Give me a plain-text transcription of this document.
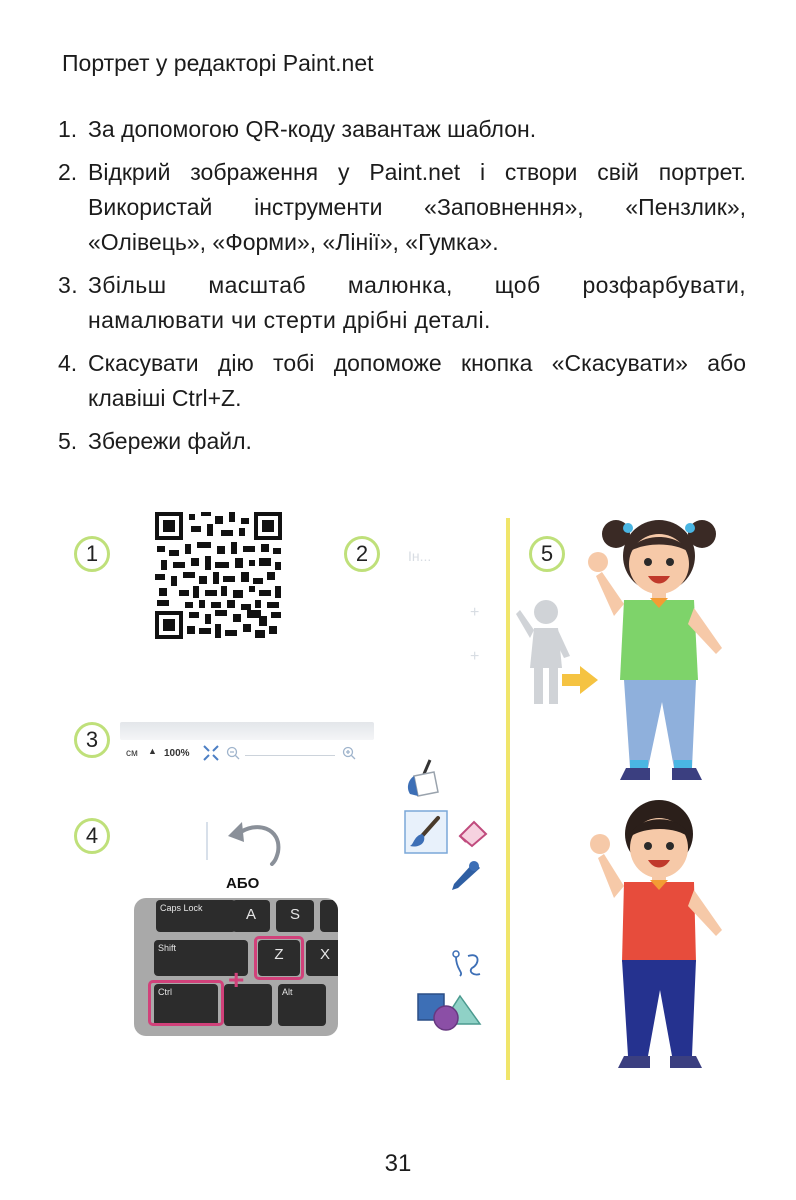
Портрет у редакторі Paint.net
1. За допомогою QR-коду завантаж шаблон.
2. Відкрий зображення у Paint.net і створи свій портрет. Використай інструменти «Заповнення», «Пензлик», «Олівець», «Форми», «Лінії», «Гумка».
3. Збільш масштаб малюнка, щоб розфарбувати, намалювати чи стерти дрібні деталі.
4. Скасувати дію тобі допоможе кнопка «Скасувати» або клавіші Ctrl+Z.
5. Збережи файл.
1	2	5
3
4
Ін...
+
+
см ▲ 100%
АБО
Caps Lock	A	S
Shift	Z	X
Ctrl	Alt
+
31
